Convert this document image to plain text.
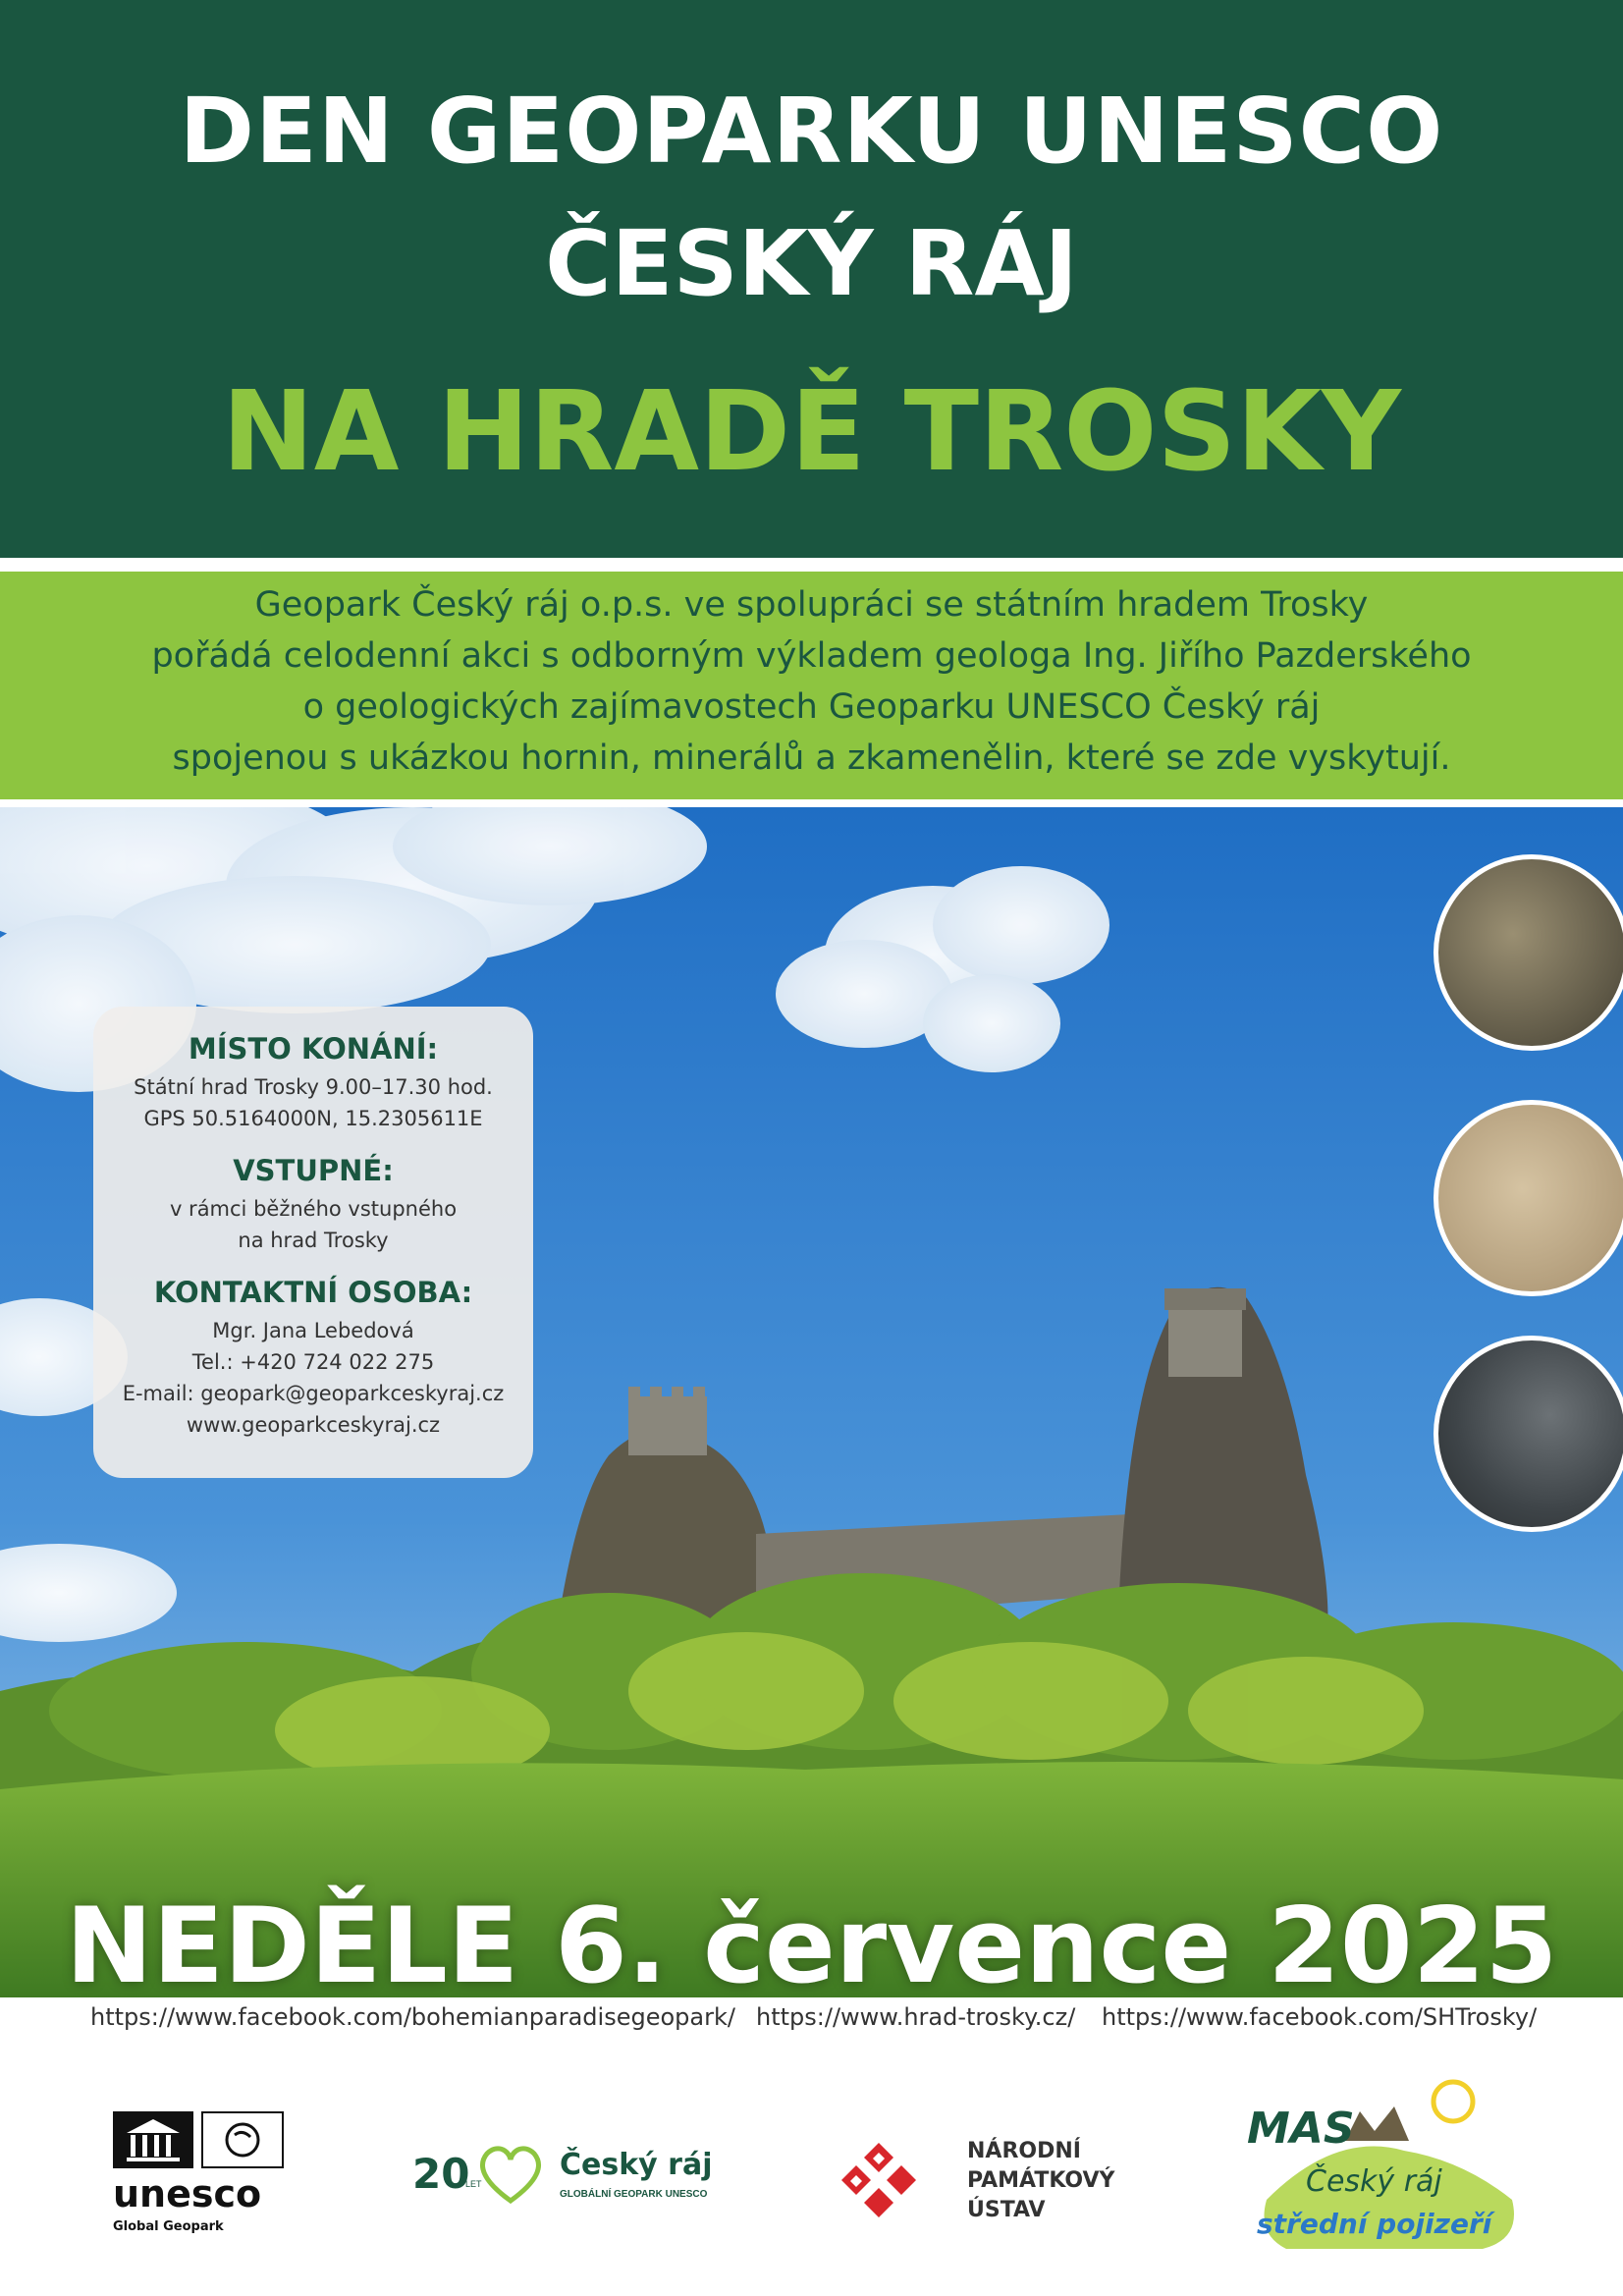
DEN GEOPARKU UNESCO
ČESKÝ RÁJ
NA HRADĚ TROSKY
Geopark Český ráj o.p.s. ve spolupráci se státním hradem Trosky
pořádá celodenní akci s odborným výkladem geologa Ing. Jiřího Pazderského
o geologických zajímavostech Geoparku UNESCO Český ráj
spojenou s ukázkou hornin, minerálů a zkamenělin, které se zde vyskytují.
MÍSTO KONÁNÍ:
Státní hrad Trosky 9.00–17.30 hod.
GPS 50.5164000N, 15.2305611E
VSTUPNÉ:
v rámci běžného vstupného
na hrad Trosky
KONTAKTNÍ OSOBA:
Mgr. Jana Lebedová
Tel.: +420 724 022 275
E-mail: geopark@geoparkceskyraj.cz
www.geoparkceskyraj.cz
NEDĚLE 6. července 2025
https://www.facebook.com/bohemianparadisegeopark/ https://www.hrad-trosky.cz/ https://www.facebook.com/SHTrosky/
unesco
Global Geopark
20
LET
Český ráj
GLOBÁLNÍ GEOPARK UNESCO
NÁRODNÍ
PAMÁTKOVÝ
ÚSTAV
MAS
Český ráj
střední pojizeří
